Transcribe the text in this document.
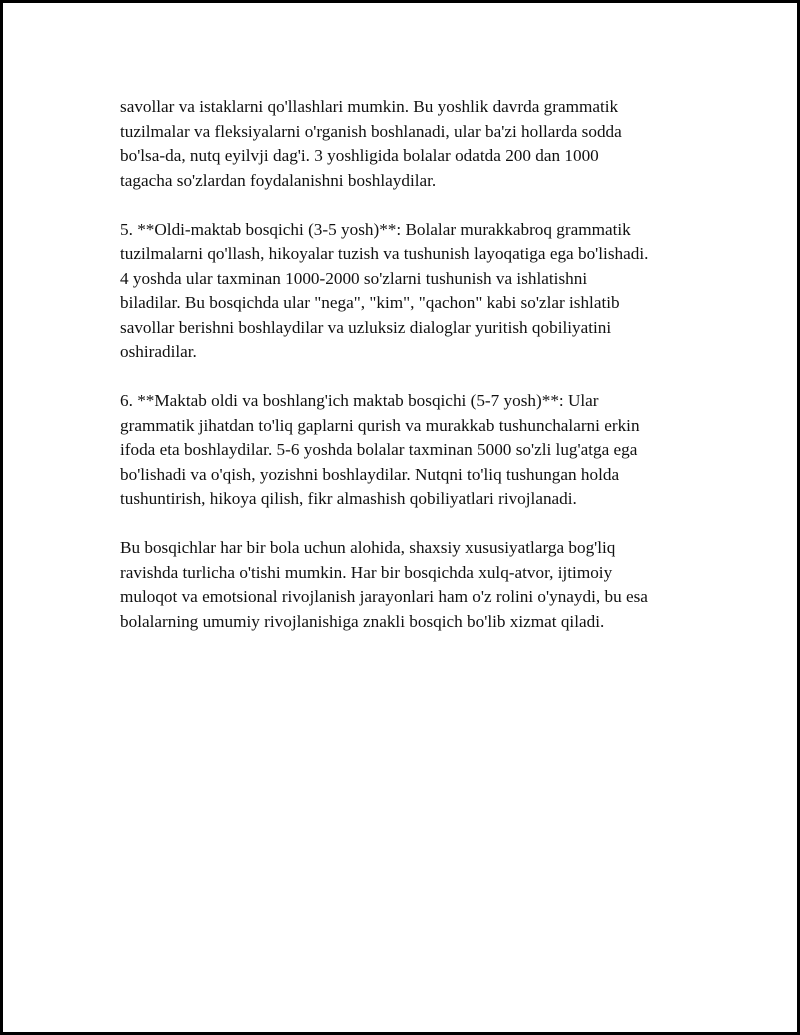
savollar va istaklarni qo'llashlari mumkin. Bu yoshlik davrda grammatik
tuzilmalar va fleksiyalarni o'rganish boshlanadi, ular ba'zi hollarda sodda
bo'lsa-da, nutq eyilvji dag'i. 3 yoshligida bolalar odatda 200 dan 1000
tagacha so'zlardan foydalanishni boshlaydilar.

5. **Oldi-maktab bosqichi (3-5 yosh)**: Bolalar murakkabroq grammatik
tuzilmalarni qo'llash, hikoyalar tuzish va tushunish layoqatiga ega bo'lishadi.
4 yoshda ular taxminan 1000-2000 so'zlarni tushunish va ishlatishni
biladilar. Bu bosqichda ular "nega", "kim", "qachon" kabi so'zlar ishlatib
savollar berishni boshlaydilar va uzluksiz dialoglar yuritish qobiliyatini
oshiradilar.

6. **Maktab oldi va boshlang'ich maktab bosqichi (5-7 yosh)**: Ular
grammatik jihatdan to'liq gaplarni qurish va murakkab tushunchalarni erkin
ifoda eta boshlaydilar. 5-6 yoshda bolalar taxminan 5000 so'zli lug'atga ega
bo'lishadi va o'qish, yozishni boshlaydilar. Nutqni to'liq tushungan holda
tushuntirish, hikoya qilish, fikr almashish qobiliyatlari rivojlanadi.

Bu bosqichlar har bir bola uchun alohida, shaxsiy xususiyatlarga bog'liq
ravishda turlicha o'tishi mumkin. Har bir bosqichda xulq-atvor, ijtimoiy
muloqot va emotsional rivojlanish jarayonlari ham o'z rolini o'ynaydi, bu esa
bolalarning umumiy rivojlanishiga znakli bosqich bo'lib xizmat qiladi.
